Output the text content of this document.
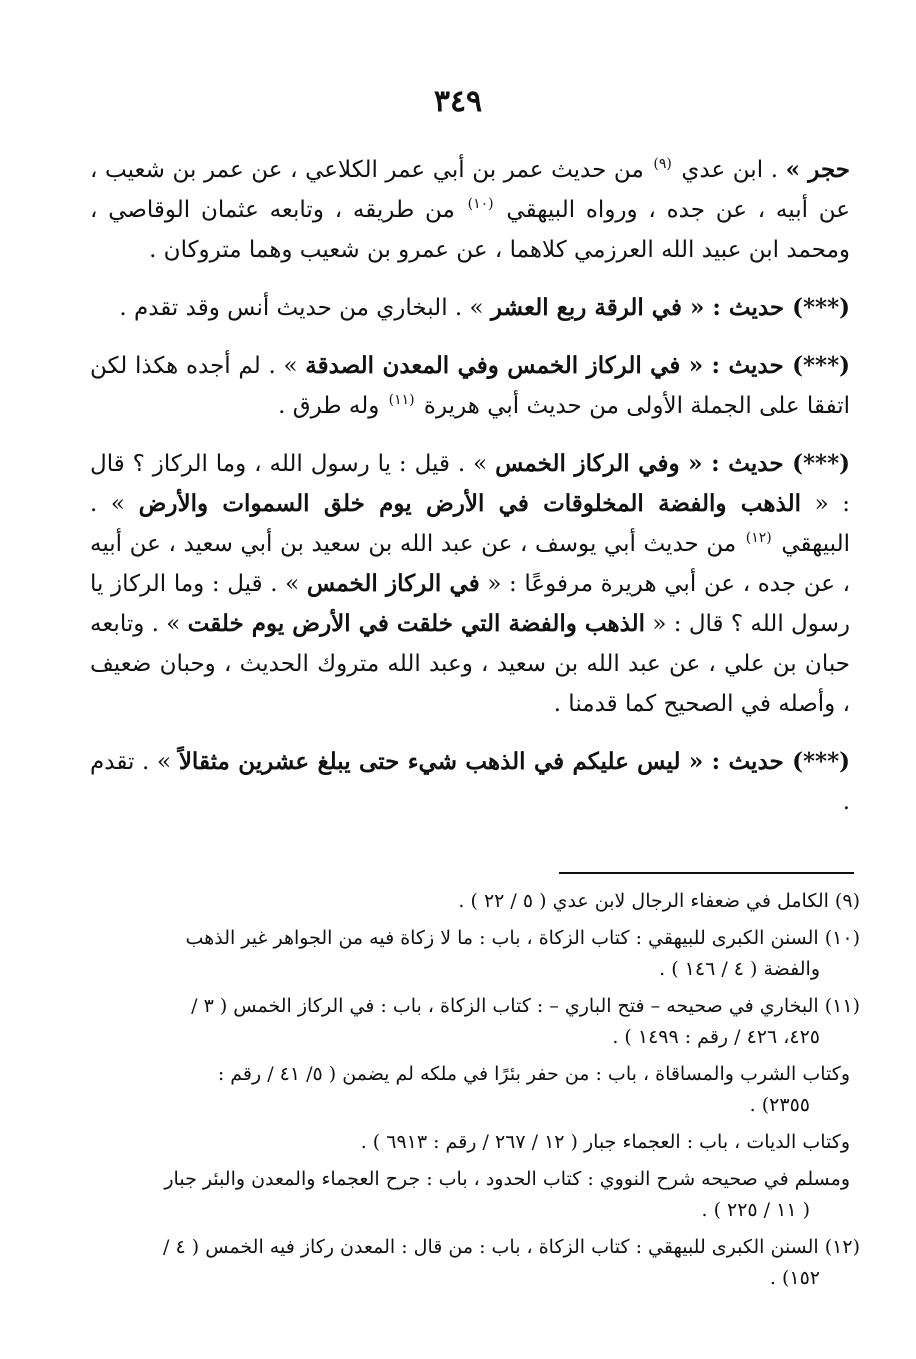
٣٤٩

حجر » . ابن عدي $^{(٩)}$ من حديث عمر بن أبي عمر الكلاعي ، عن عمر بن شعيب ، عن أبيه ، عن جده ، ورواه البيهقي $^{(١٠)}$ من طريقه ، وتابعه عثمان الوقاصي ، ومحمد ابن عبيد الله العرزمي كلاهما ، عن عمرو بن شعيب وهما متروكان .

(***) حديث : « في الرقة ربع العشر » . البخاري من حديث أنس وقد تقدم .

(***) حديث : « في الركاز الخمس وفي المعدن الصدقة » . لم أجده هكذا لكن اتفقا على الجملة الأولى من حديث أبي هريرة $^{(١١)}$ وله طرق .

(***) حديث : « وفي الركاز الخمس » . قيل : يا رسول الله ، وما الركاز ؟ قال : « الذهب والفضة المخلوقات في الأرض يوم خلق السموات والأرض » . البيهقي $^{(١٢)}$ من حديث أبي يوسف ، عن عبد الله بن سعيد بن أبي سعيد ، عن أبيه ، عن جده ، عن أبي هريرة مرفوعًا : « في الركاز الخمس » . قيل : وما الركاز يا رسول الله ؟ قال : « الذهب والفضة التي خلقت في الأرض يوم خلقت » . وتابعه حبان بن علي ، عن عبد الله بن سعيد ، وعبد الله متروك الحديث ، وحبان ضعيف ، وأصله في الصحيح كما قدمنا .

(***) حديث : « ليس عليكم في الذهب شيء حتى يبلغ عشرين مثقالاً » . تقدم .

(٩) الكامل في ضعفاء الرجال لابن عدي ( ٥ / ٢٢ ) .
(١٠) السنن الكبرى للبيهقي : كتاب الزكاة ، باب : ما لا زكاة فيه من الجواهر غير الذهب
والفضة ( ٤ / ١٤٦ ) .
(١١) البخاري في صحيحه – فتح الباري – : كتاب الزكاة ، باب : في الركاز الخمس ( ٣ /
٤٢٥، ٤٢٦ / رقم : ١٤٩٩ ) .
وكتاب الشرب والمساقاة ، باب : من حفر بئرًا في ملكه لم يضمن ( ٥/ ٤١ / رقم :
٢٣٥٥) .
وكتاب الديات ، باب : العجماء جبار ( ١٢ / ٢٦٧ / رقم : ٦٩١٣ ) .
ومسلم في صحيحه شرح النووي : كتاب الحدود ، باب : جرح العجماء والمعدن والبئر جبار
( ١١ / ٢٢٥ ) .
(١٢) السنن الكبرى للبيهقي : كتاب الزكاة ، باب : من قال : المعدن ركاز فيه الخمس ( ٤ /
١٥٢) .
